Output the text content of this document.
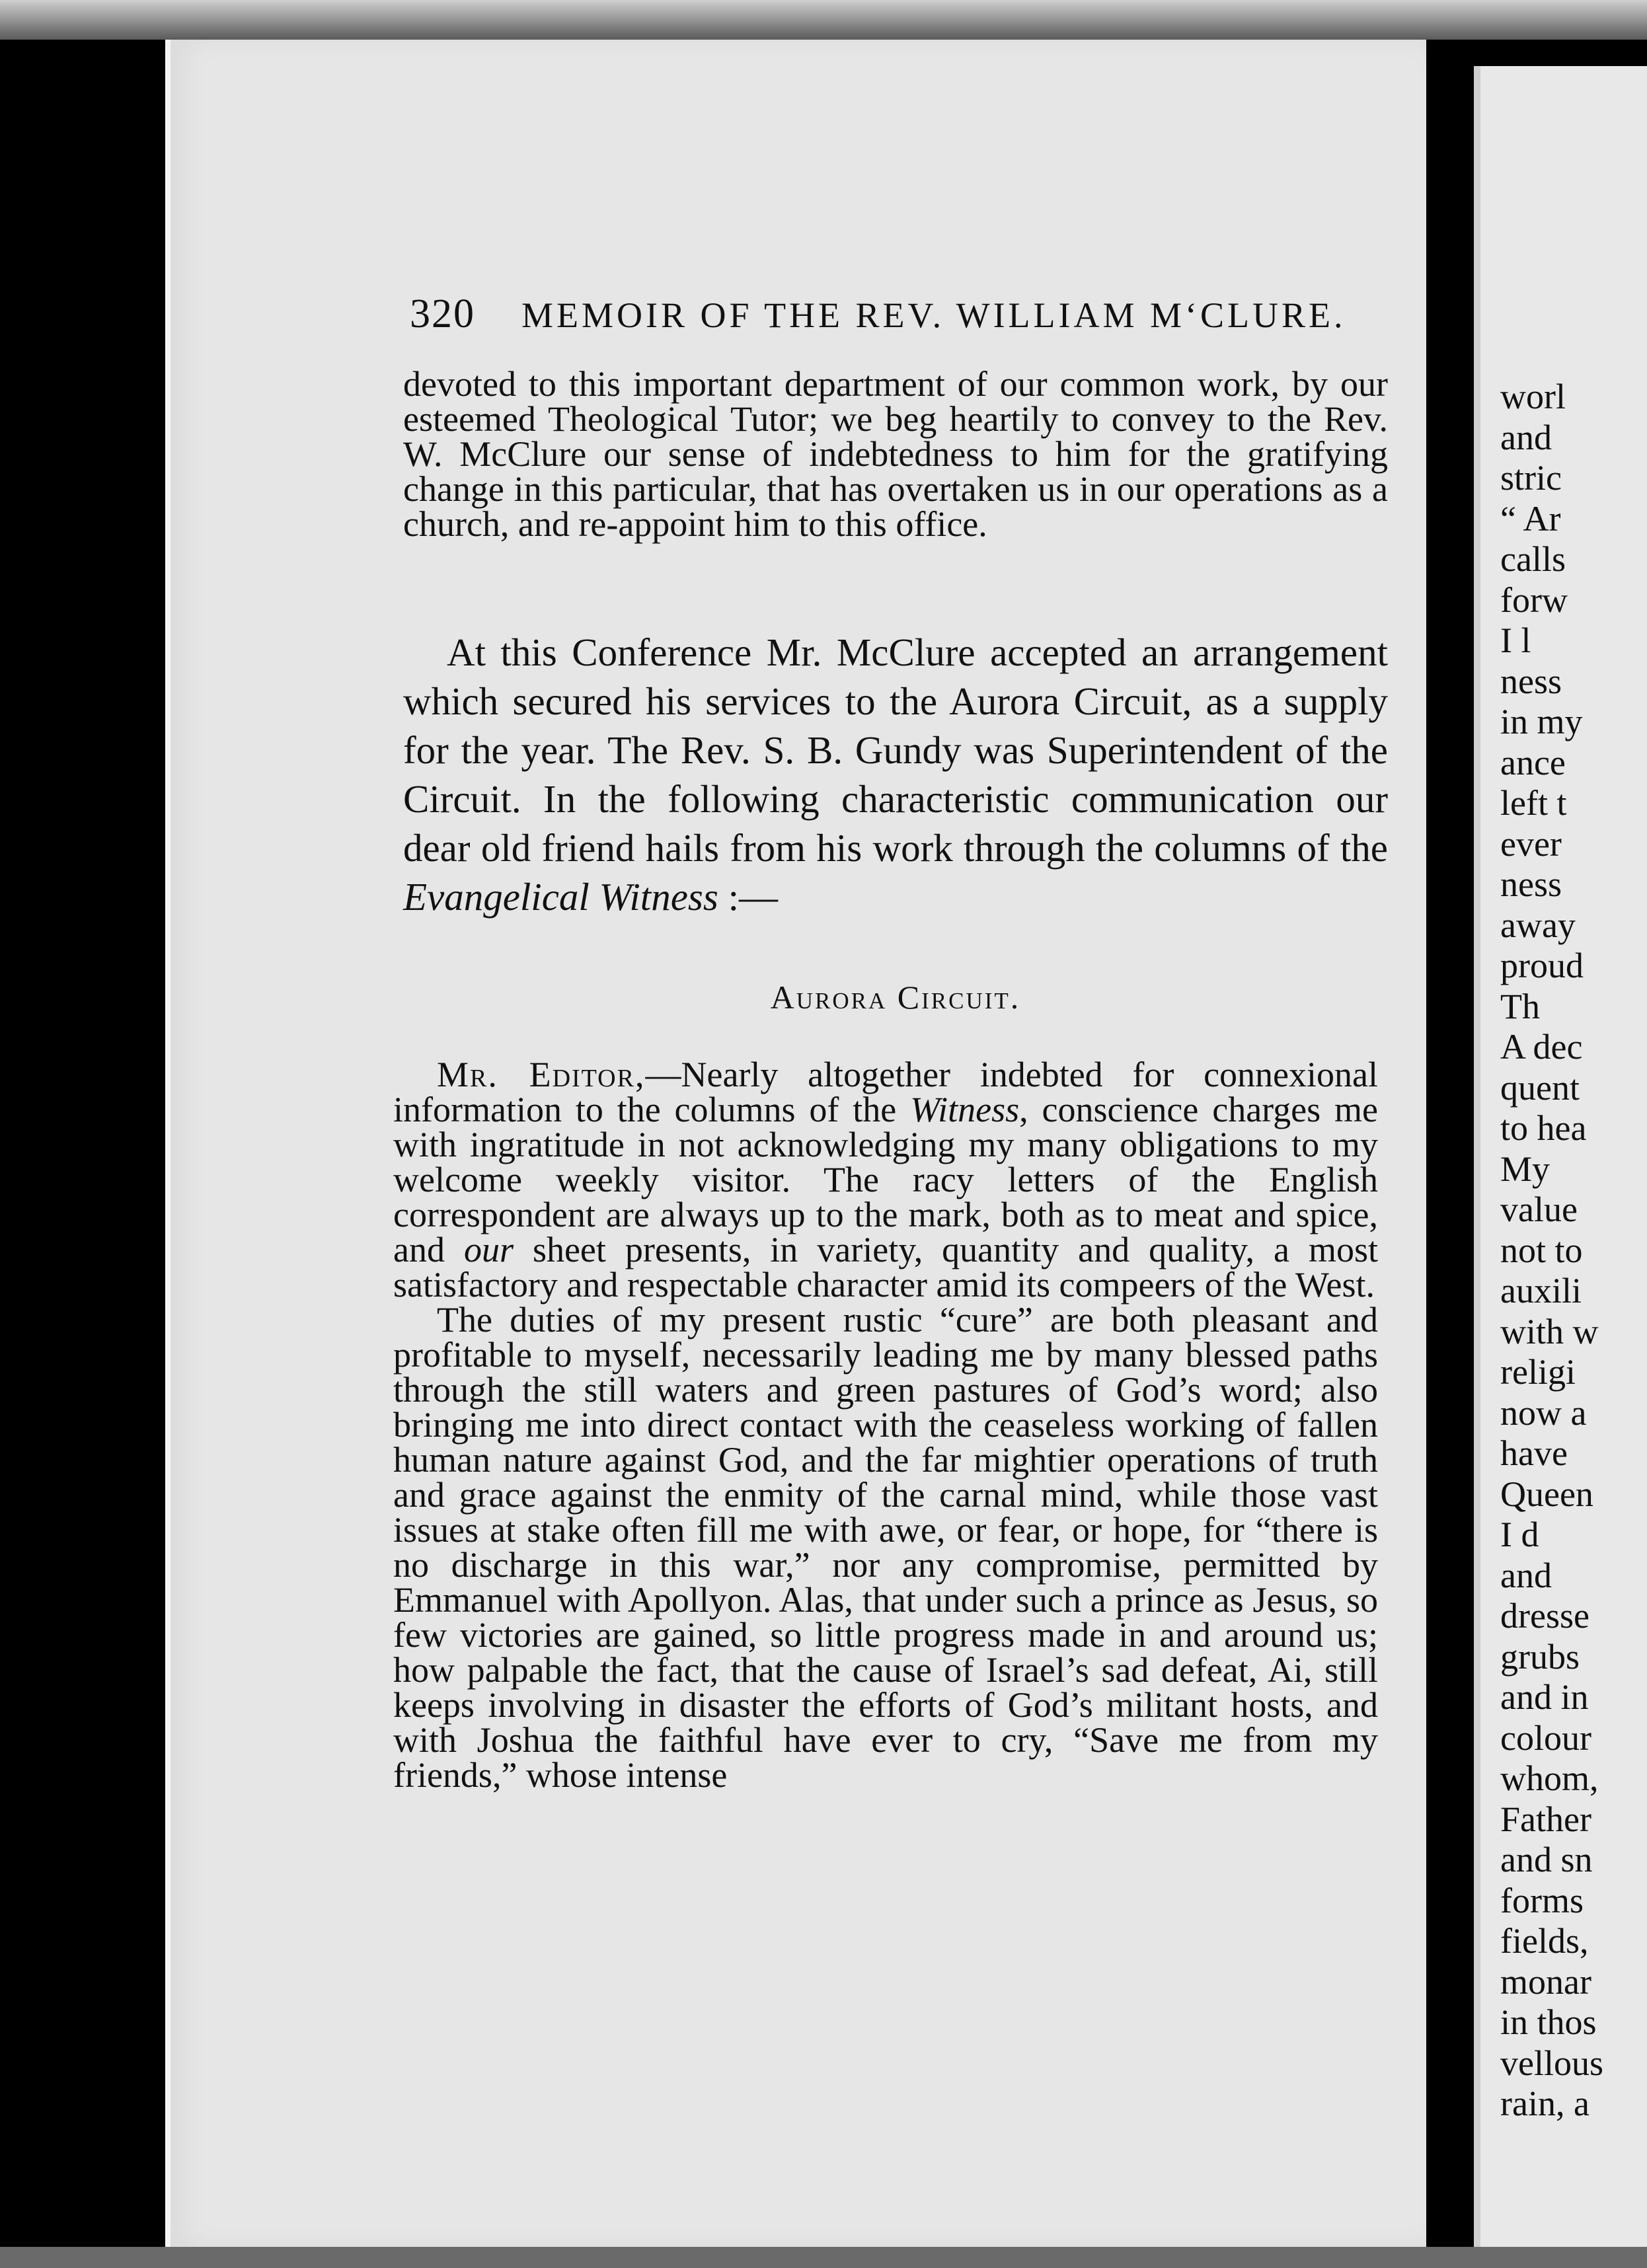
320 MEMOIR OF THE REV. WILLIAM M‘CLURE.

devoted to this important department of our common work, by our esteemed Theological Tutor; we beg heartily to convey to the Rev. W. McClure our sense of indebtedness to him for the gratifying change in this particular, that has overtaken us in our operations as a church, and re-appoint him to this office.

At this Conference Mr. McClure accepted an arrangement which secured his services to the Aurora Circuit, as a supply for the year. The Rev. S. B. Gundy was Superintendent of the Circuit. In the following characteristic communication our dear old friend hails from his work through the columns of the Evangelical Witness :—

Aurora Circuit.

Mr. Editor,—Nearly altogether indebted for connexional information to the columns of the Witness, conscience charges me with ingratitude in not acknowledging my many obligations to my welcome weekly visitor. The racy letters of the English correspondent are always up to the mark, both as to meat and spice, and our sheet presents, in variety, quantity and quality, a most satisfactory and respectable character amid its compeers of the West.

The duties of my present rustic “cure” are both pleasant and profitable to myself, necessarily leading me by many blessed paths through the still waters and green pastures of God’s word; also bringing me into direct contact with the ceaseless working of fallen human nature against God, and the far mightier operations of truth and grace against the enmity of the carnal mind, while those vast issues at stake often fill me with awe, or fear, or hope, for “there is no discharge in this war,” nor any compromise, permitted by Emmanuel with Apollyon. Alas, that under such a prince as Jesus, so few victories are gained, so little progress made in and around us; how palpable the fact, that the cause of Israel’s sad defeat, Ai, still keeps involving in disaster the efforts of God’s militant hosts, and with Joshua the faithful have ever to cry, “Save me from my friends,” whose intense

worl
and
stric
“ Ar
calls
forw
I l
ness
in my
ance
left t
ever
ness
away
proud
Th
A dec
quent
to hea
My
value
not to
auxili
with w
religi
now a
have
Queen
I d
and
dresse
grubs
and in
colour
whom,
Father
and sn
forms
fields,
monar
in thos
vellous
rain, a
